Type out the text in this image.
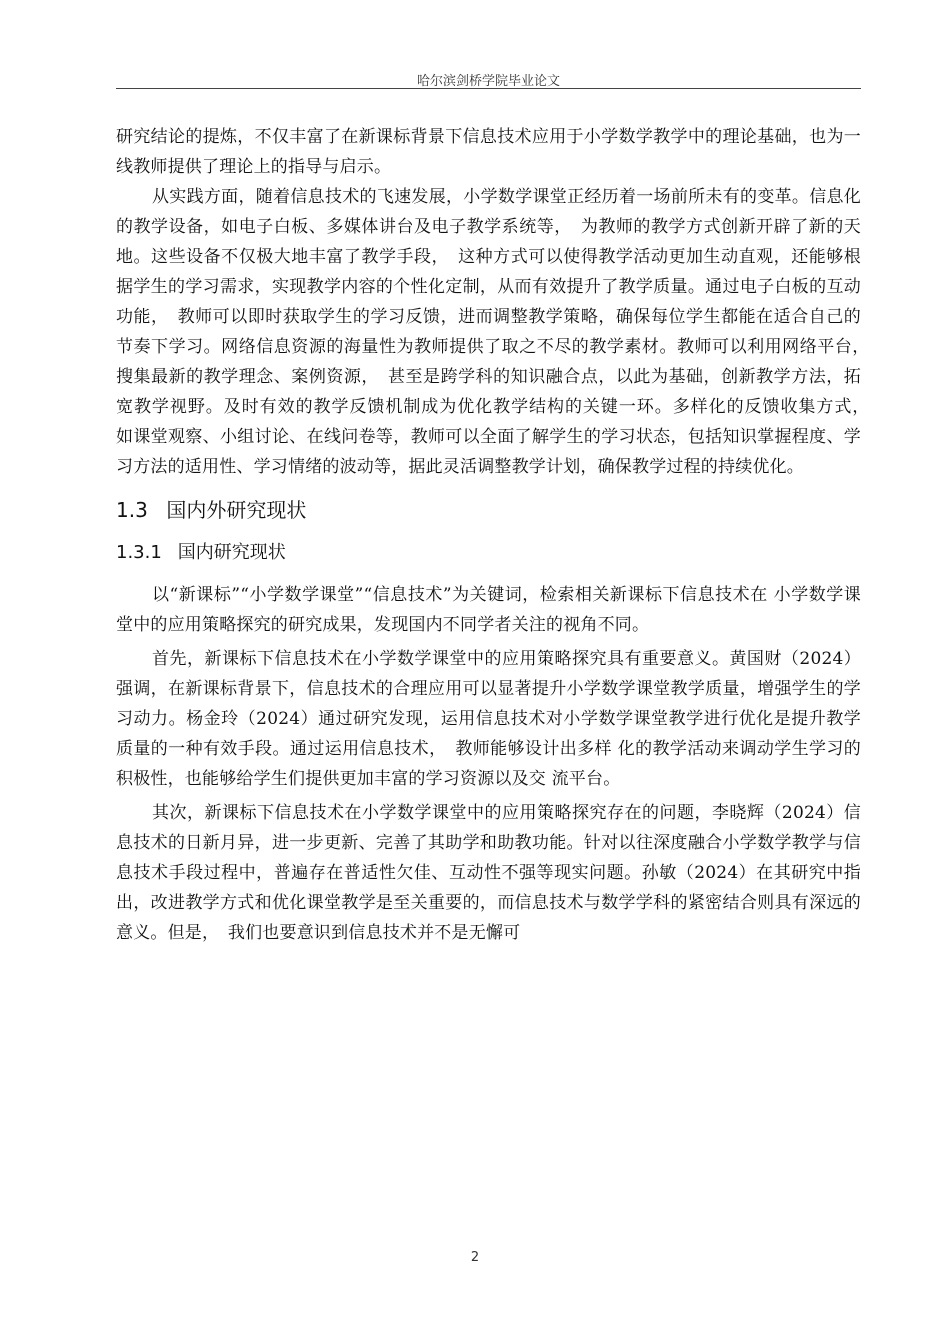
哈尔滨剑桥学院毕业论文

研究结论的提炼，不仅丰富了在新课标背景下信息技术应用于小学数学教学中的理论基础，也为一线教师提供了理论上的指导与启示。

从实践方面，随着信息技术的飞速发展，小学数学课堂正经历着一场前所未有的变革。信息化的教学设备，如电子白板、多媒体讲台及电子教学系统等，　为教师的教学方式创新开辟了新的天地。这些设备不仅极大地丰富了教学手段，　这种方式可以使得教学活动更加生动直观，还能够根据学生的学习需求，实现教学内容的个性化定制，从而有效提升了教学质量。通过电子白板的互动功能，　教师可以即时获取学生的学习反馈，进而调整教学策略，确保每位学生都能在适合自己的节奏下学习。网络信息资源的海量性为教师提供了取之不尽的教学素材。教师可以利用网络平台，　搜集最新的教学理念、案例资源，　甚至是跨学科的知识融合点，以此为基础，创新教学方法，拓宽教学视野。及时有效的教学反馈机制成为优化教学结构的关键一环。多样化的反馈收集方式，　如课堂观察、小组讨论、在线问卷等，教师可以全面了解学生的学习状态，包括知识掌握程度、学习方法的适用性、学习情绪的波动等，据此灵活调整教学计划，确保教学过程的持续优化。

1.3 国内外研究现状
1.3.1 国内研究现状

以“新课标”“小学数学课堂”“信息技术”为关键词，检索相关新课标下信息技术在 小学数学课堂中的应用策略探究的研究成果，发现国内不同学者关注的视角不同。

首先，新课标下信息技术在小学数学课堂中的应用策略探究具有重要意义。黄国财（2024）强调，在新课标背景下，信息技术的合理应用可以显著提升小学数学课堂教学质量，增强学生的学习动力。杨金玲（2024）通过研究发现，运用信息技术对小学数学课堂教学进行优化是提升教学质量的一种有效手段。通过运用信息技术，　教师能够设计出多样 化的教学活动来调动学生学习的积极性，也能够给学生们提供更加丰富的学习资源以及交 流平台。

其次，新课标下信息技术在小学数学课堂中的应用策略探究存在的问题，李晓辉（2024）信息技术的日新月异，进一步更新、完善了其助学和助教功能。针对以往深度融合小学数学教学与信息技术手段过程中，普遍存在普适性欠佳、互动性不强等现实问题。孙敏（2024）在其研究中指出，改进教学方式和优化课堂教学是至关重要的，而信息技术与数学学科的紧密结合则具有深远的意义。但是，　我们也要意识到信息技术并不是无懈可

2
